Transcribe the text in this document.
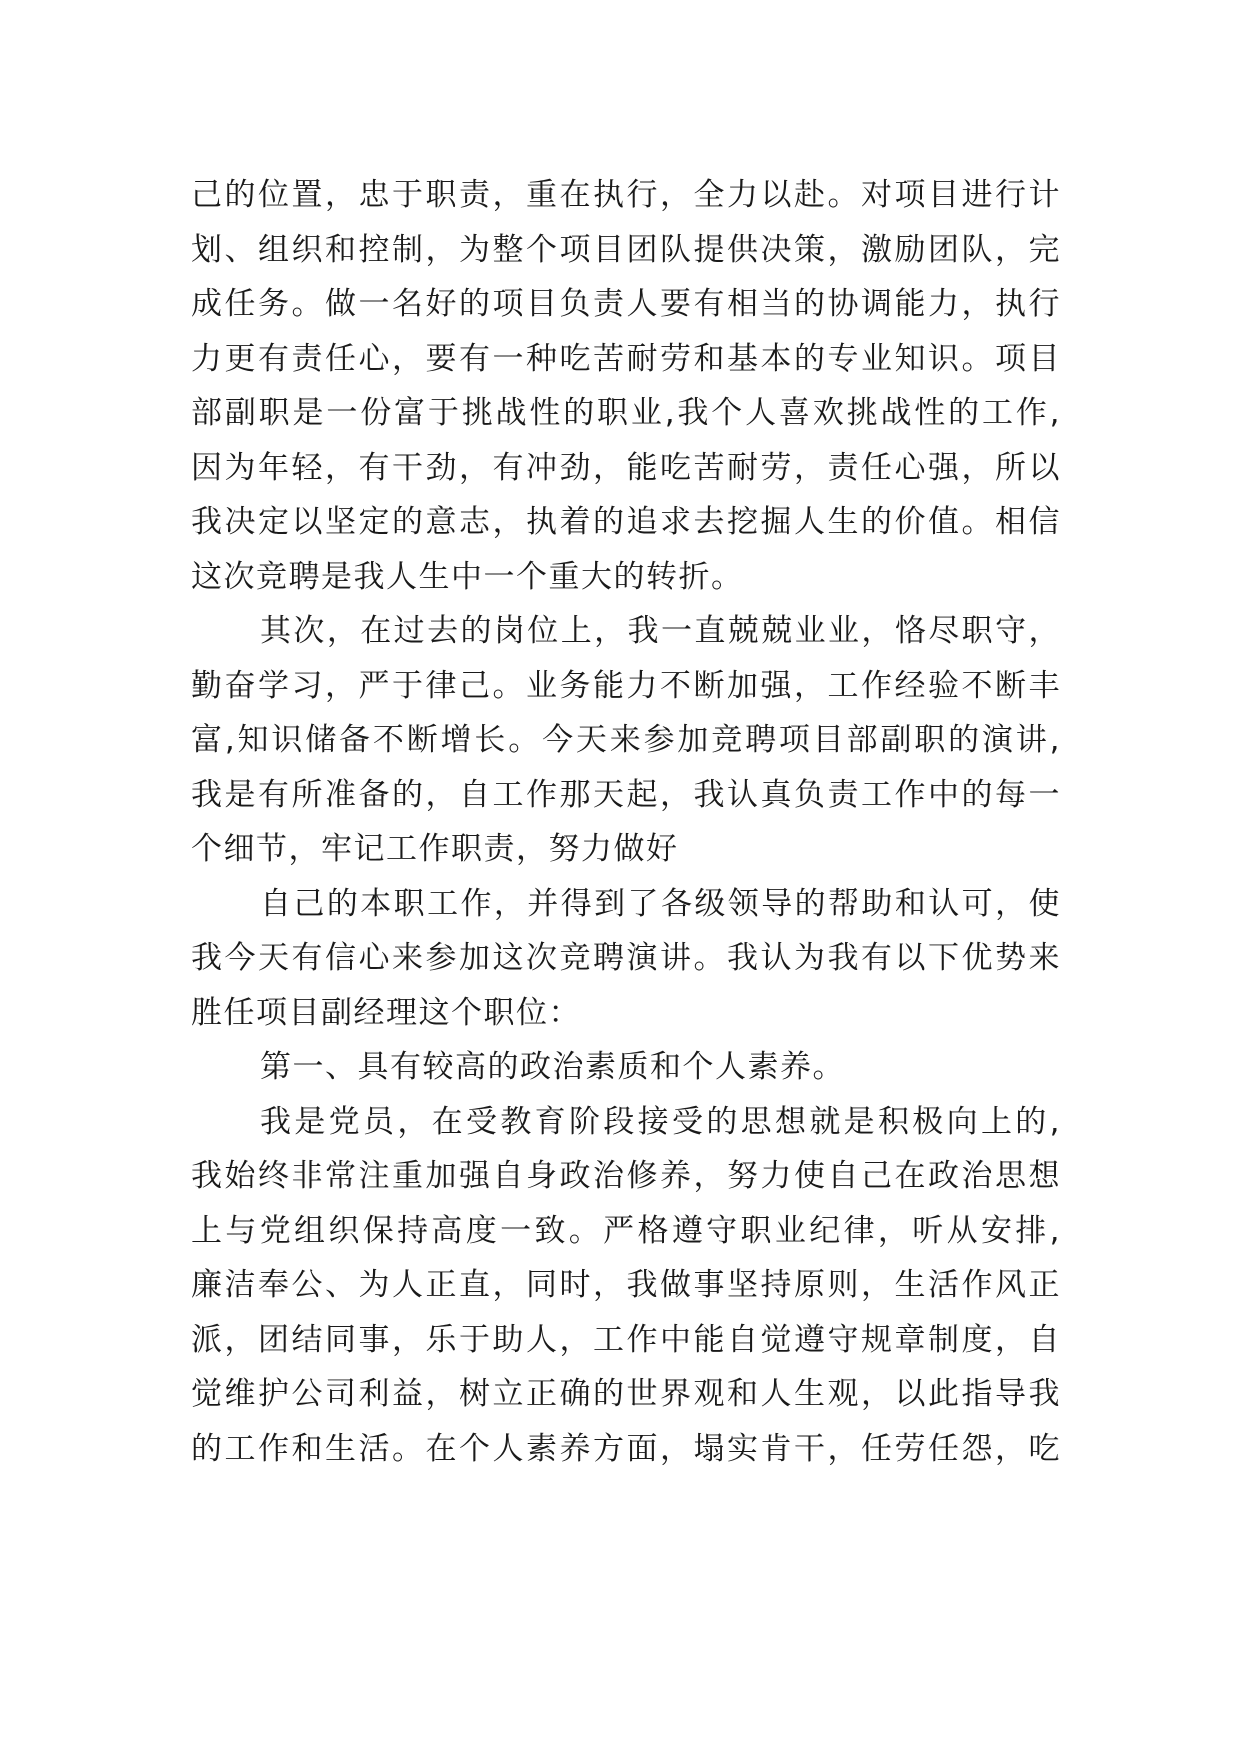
己的位置，忠于职责，重在执行，全力以赴。对项目进行计
划、组织和控制，为整个项目团队提供决策，激励团队，完
成任务。做一名好的项目负责人要有相当的协调能力，执行
力更有责任心，要有一种吃苦耐劳和基本的专业知识。项目
部副职是一份富于挑战性的职业,我个人喜欢挑战性的工作,
因为年轻，有干劲，有冲劲，能吃苦耐劳，责任心强，所以
我决定以坚定的意志，执着的追求去挖掘人生的价值。相信
这次竞聘是我人生中一个重大的转折。
其次，在过去的岗位上，我一直兢兢业业，恪尽职守，
勤奋学习，严于律己。业务能力不断加强，工作经验不断丰
富,知识储备不断增长。今天来参加竞聘项目部副职的演讲,
我是有所准备的，自工作那天起，我认真负责工作中的每一
个细节，牢记工作职责，努力做好
自己的本职工作，并得到了各级领导的帮助和认可，使
我今天有信心来参加这次竞聘演讲。我认为我有以下优势来
胜任项目副经理这个职位：
第一、具有较高的政治素质和个人素养。
我是党员，在受教育阶段接受的思想就是积极向上的,
我始终非常注重加强自身政治修养，努力使自己在政治思想
上与党组织保持高度一致。严格遵守职业纪律，听从安排,
廉洁奉公、为人正直，同时，我做事坚持原则，生活作风正
派，团结同事，乐于助人，工作中能自觉遵守规章制度，自
觉维护公司利益，树立正确的世界观和人生观，以此指导我
的工作和生活。在个人素养方面，塌实肯干，任劳任怨，吃
